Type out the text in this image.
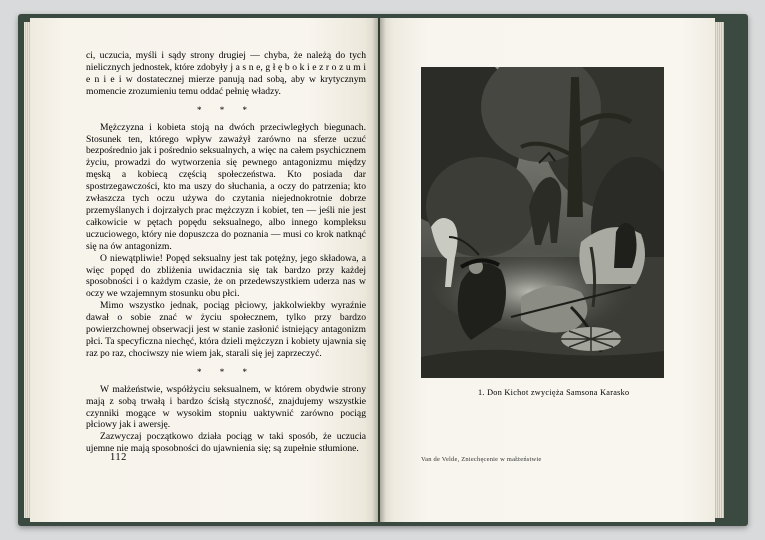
ci, uczucia, myśli i sądy strony drugiej — chyba, że należą do tych nielicznych jednostek, które zdobyły j a s n e, g ł ę b o k i e z r o z u m i e n i e i w dostatecznej mierze panują nad sobą, aby w krytycznym momencie zrozumieniu temu oddać pełnię władzy.

* * *

Mężczyzna i kobieta stoją na dwóch przeciwległych biegunach. Stosunek ten, którego wpływ zaważył zarówno na sferze uczuć bezpośrednio jak i pośrednio seksualnych, a więc na całem psychicznem życiu, prowadzi do wytworzenia się pewnego antagonizmu między męską a kobiecą częścią społeczeństwa. Kto posiada dar spostrzegawczości, kto ma uszy do słuchania, a oczy do patrzenia; kto zwłaszcza tych oczu używa do czytania niejednokrotnie dobrze przemyślanych i dojrzałych prac mężczyzn i kobiet, ten — jeśli nie jest całkowicie w pętach popędu seksualnego, albo innego kompleksu uczuciowego, który nie dopuszcza do poznania — musi co krok natknąć się na ów antagonizm.

O niewątpliwie! Popęd seksualny jest tak potężny, jego składowa, a więc popęd do zbliżenia uwidacznia się tak bardzo przy każdej sposobności i o każdym czasie, że on przedewszystkiem uderza nas w oczy we wzajemnym stosunku obu płci.

Mimo wszystko jednak, pociąg płciowy, jakkolwiekby wyraźnie dawał o sobie znać w życiu społecznem, tylko przy bardzo powierzchownej obserwacji jest w stanie zasłonić istniejący antagonizm płci. Ta specyficzna niechęć, która dzieli mężczyzn i kobiety ujawnia się raz po raz, chociwszy nie wiem jak, starali się jej zaprzeczyć.

* * *

W małżeństwie, współżyciu seksualnem, w którem obydwie strony mają z sobą trwałą i bardzo ścisłą styczność, znajdujemy wszystkie czynniki mogące w wysokim stopniu uaktywnić zarówno pociąg płciowy jak i awersję.

Zazwyczaj początkowo działa pociąg w taki sposób, że uczucia ujemne nie mają sposobności do ujawnienia się; są zupełnie stłumione.

112
1. Don Kichot zwycięża Samsona Karasko
Van de Velde, Zniechęcenie w małżeństwie
